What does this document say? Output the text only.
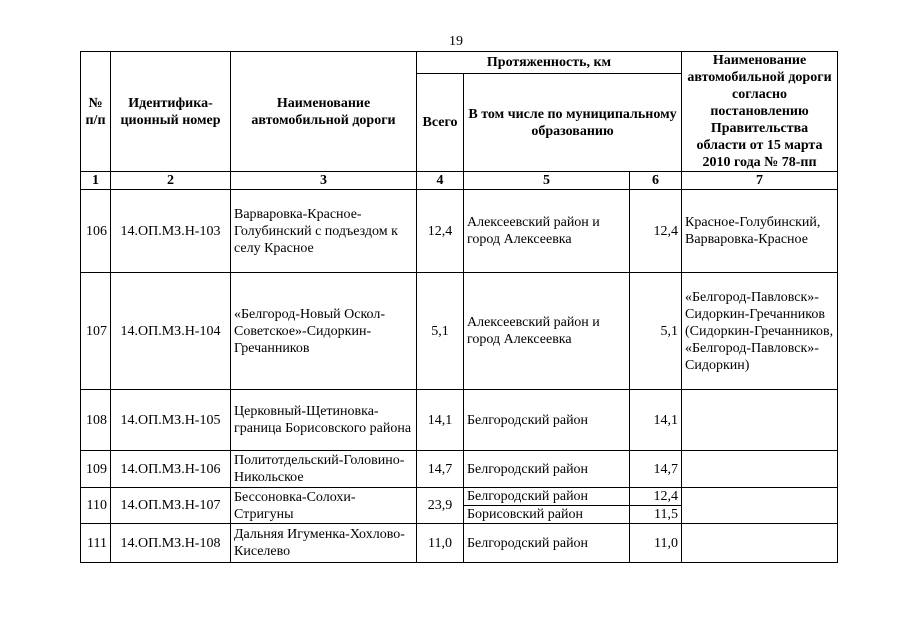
19
№ п/п	Идентифика-ционный номер	Наименование автомобильной дороги	Протяженность, км			Наименование автомобильной дороги согласно постановлению Правительства области от 15 марта 2010 года № 78-пп
			Всего	В том числе по муниципальному образованию		
1	2	3	4	5	6	7
106	14.ОП.МЗ.Н-103	Варваровка-Красное-Голубинский с подъездом к селу Красное	12,4	Алексеевский район и город Алексеевка	12,4	Красное-Голубинский, Варваровка-Красное
107	14.ОП.МЗ.Н-104	«Белгород-Новый Оскол-Советское»-Сидоркин-Гречанников	5,1	Алексеевский район и город Алексеевка	5,1	«Белгород-Павловск»-Сидоркин-Гречанников (Сидоркин-Гречанников, «Белгород-Павловск»-Сидоркин)
108	14.ОП.МЗ.Н-105	Церковный-Щетиновка-граница Борисовского района	14,1	Белгородский район	14,1	
109	14.ОП.МЗ.Н-106	Политотдельский-Головино-Никольское	14,7	Белгородский район	14,7	
110	14.ОП.МЗ.Н-107	Бессоновка-Солохи-Стригуны	23,9	Белгородский район	12,4	
				Борисовский район	11,5	
111	14.ОП.МЗ.Н-108	Дальняя Игуменка-Хохлово-Киселево	11,0	Белгородский район	11,0	
